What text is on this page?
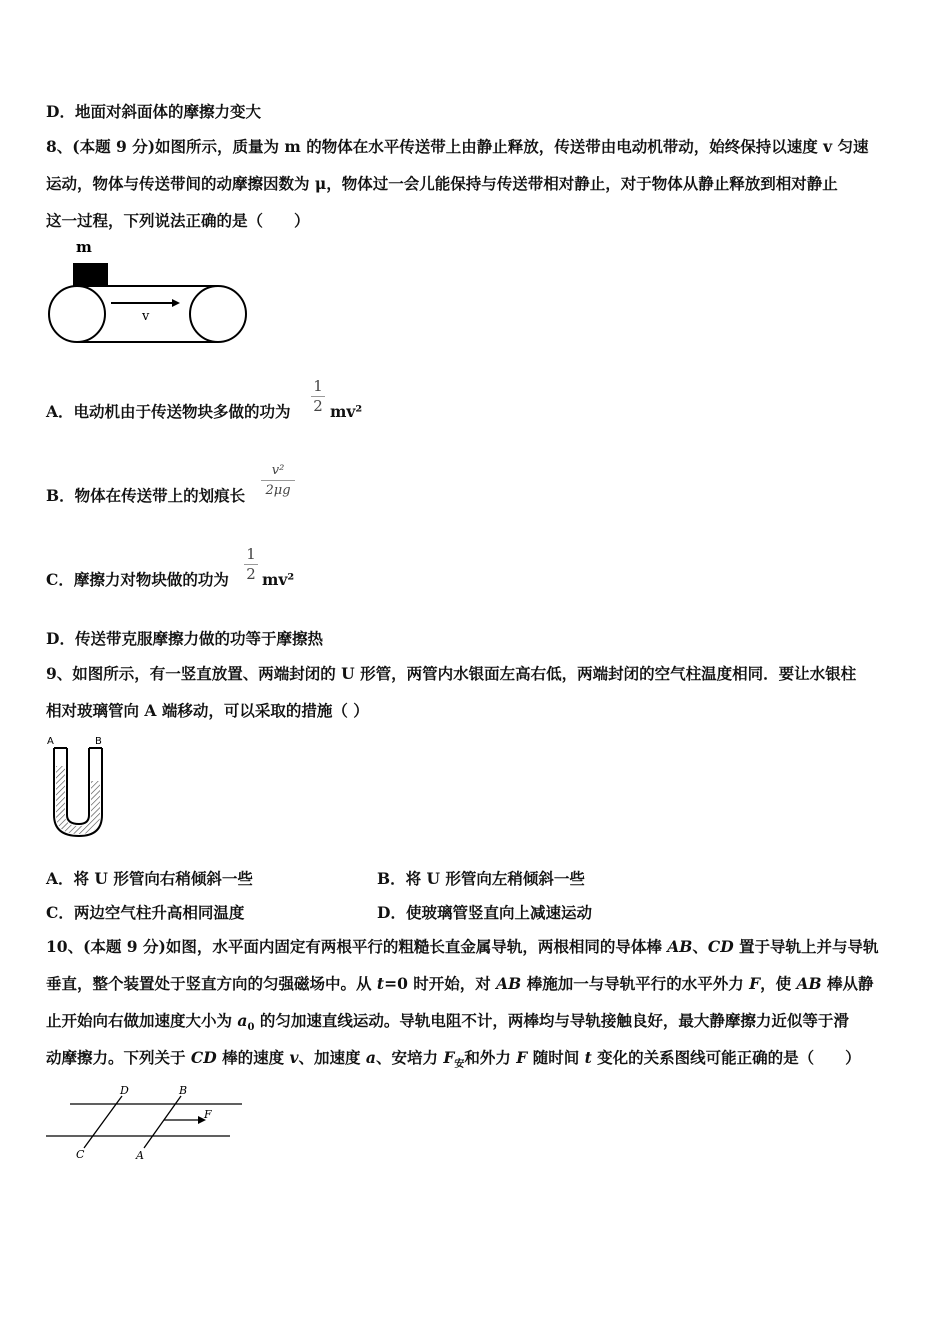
D．地面对斜面体的摩擦力变大
8、(本题 9 分)如图所示，质量为 m 的物体在水平传送带上由静止释放，传送带由电动机带动，始终保持以速度 v 匀速
运动，物体与传送带间的动摩擦因数为 μ，物体过一会儿能保持与传送带相对静止，对于物体从静止释放到相对静止
这一过程，下列说法正确的是（　　）
m
v
A．电动机由于传送物块多做的功为
1
2 mv²
B．物体在传送带上的划痕长
v²
2μg
C．摩擦力对物块做的功为
1
2 mv²
D．传送带克服摩擦力做的功等于摩擦热
9、如图所示，有一竖直放置、两端封闭的 U 形管，两管内水银面左高右低，两端封闭的空气柱温度相同．要让水银柱
相对玻璃管向 A 端移动，可以采取的措施（ ）
A	B
A．将 U 形管向右稍倾斜一些	B．将 U 形管向左稍倾斜一些
C．两边空气柱升高相同温度	D．使玻璃管竖直向上减速运动
10、(本题 9 分)如图，水平面内固定有两根平行的粗糙长直金属导轨，两根相同的导体棒 AB、CD 置于导轨上并与导轨
垂直，整个装置处于竖直方向的匀强磁场中。从 t=0 时开始，对 AB 棒施加一与导轨平行的水平外力 F，使 AB 棒从静
止开始向右做加速度大小为 $a_0$ 的匀加速直线运动。导轨电阻不计，两棒均与导轨接触良好，最大静摩擦力近似等于滑
动摩擦力。下列关于 CD 棒的速度 v、加速度 a、安培力 $F_安$和外力 F 随时间 t 变化的关系图线可能正确的是（　　）
D	B
C	A
F
